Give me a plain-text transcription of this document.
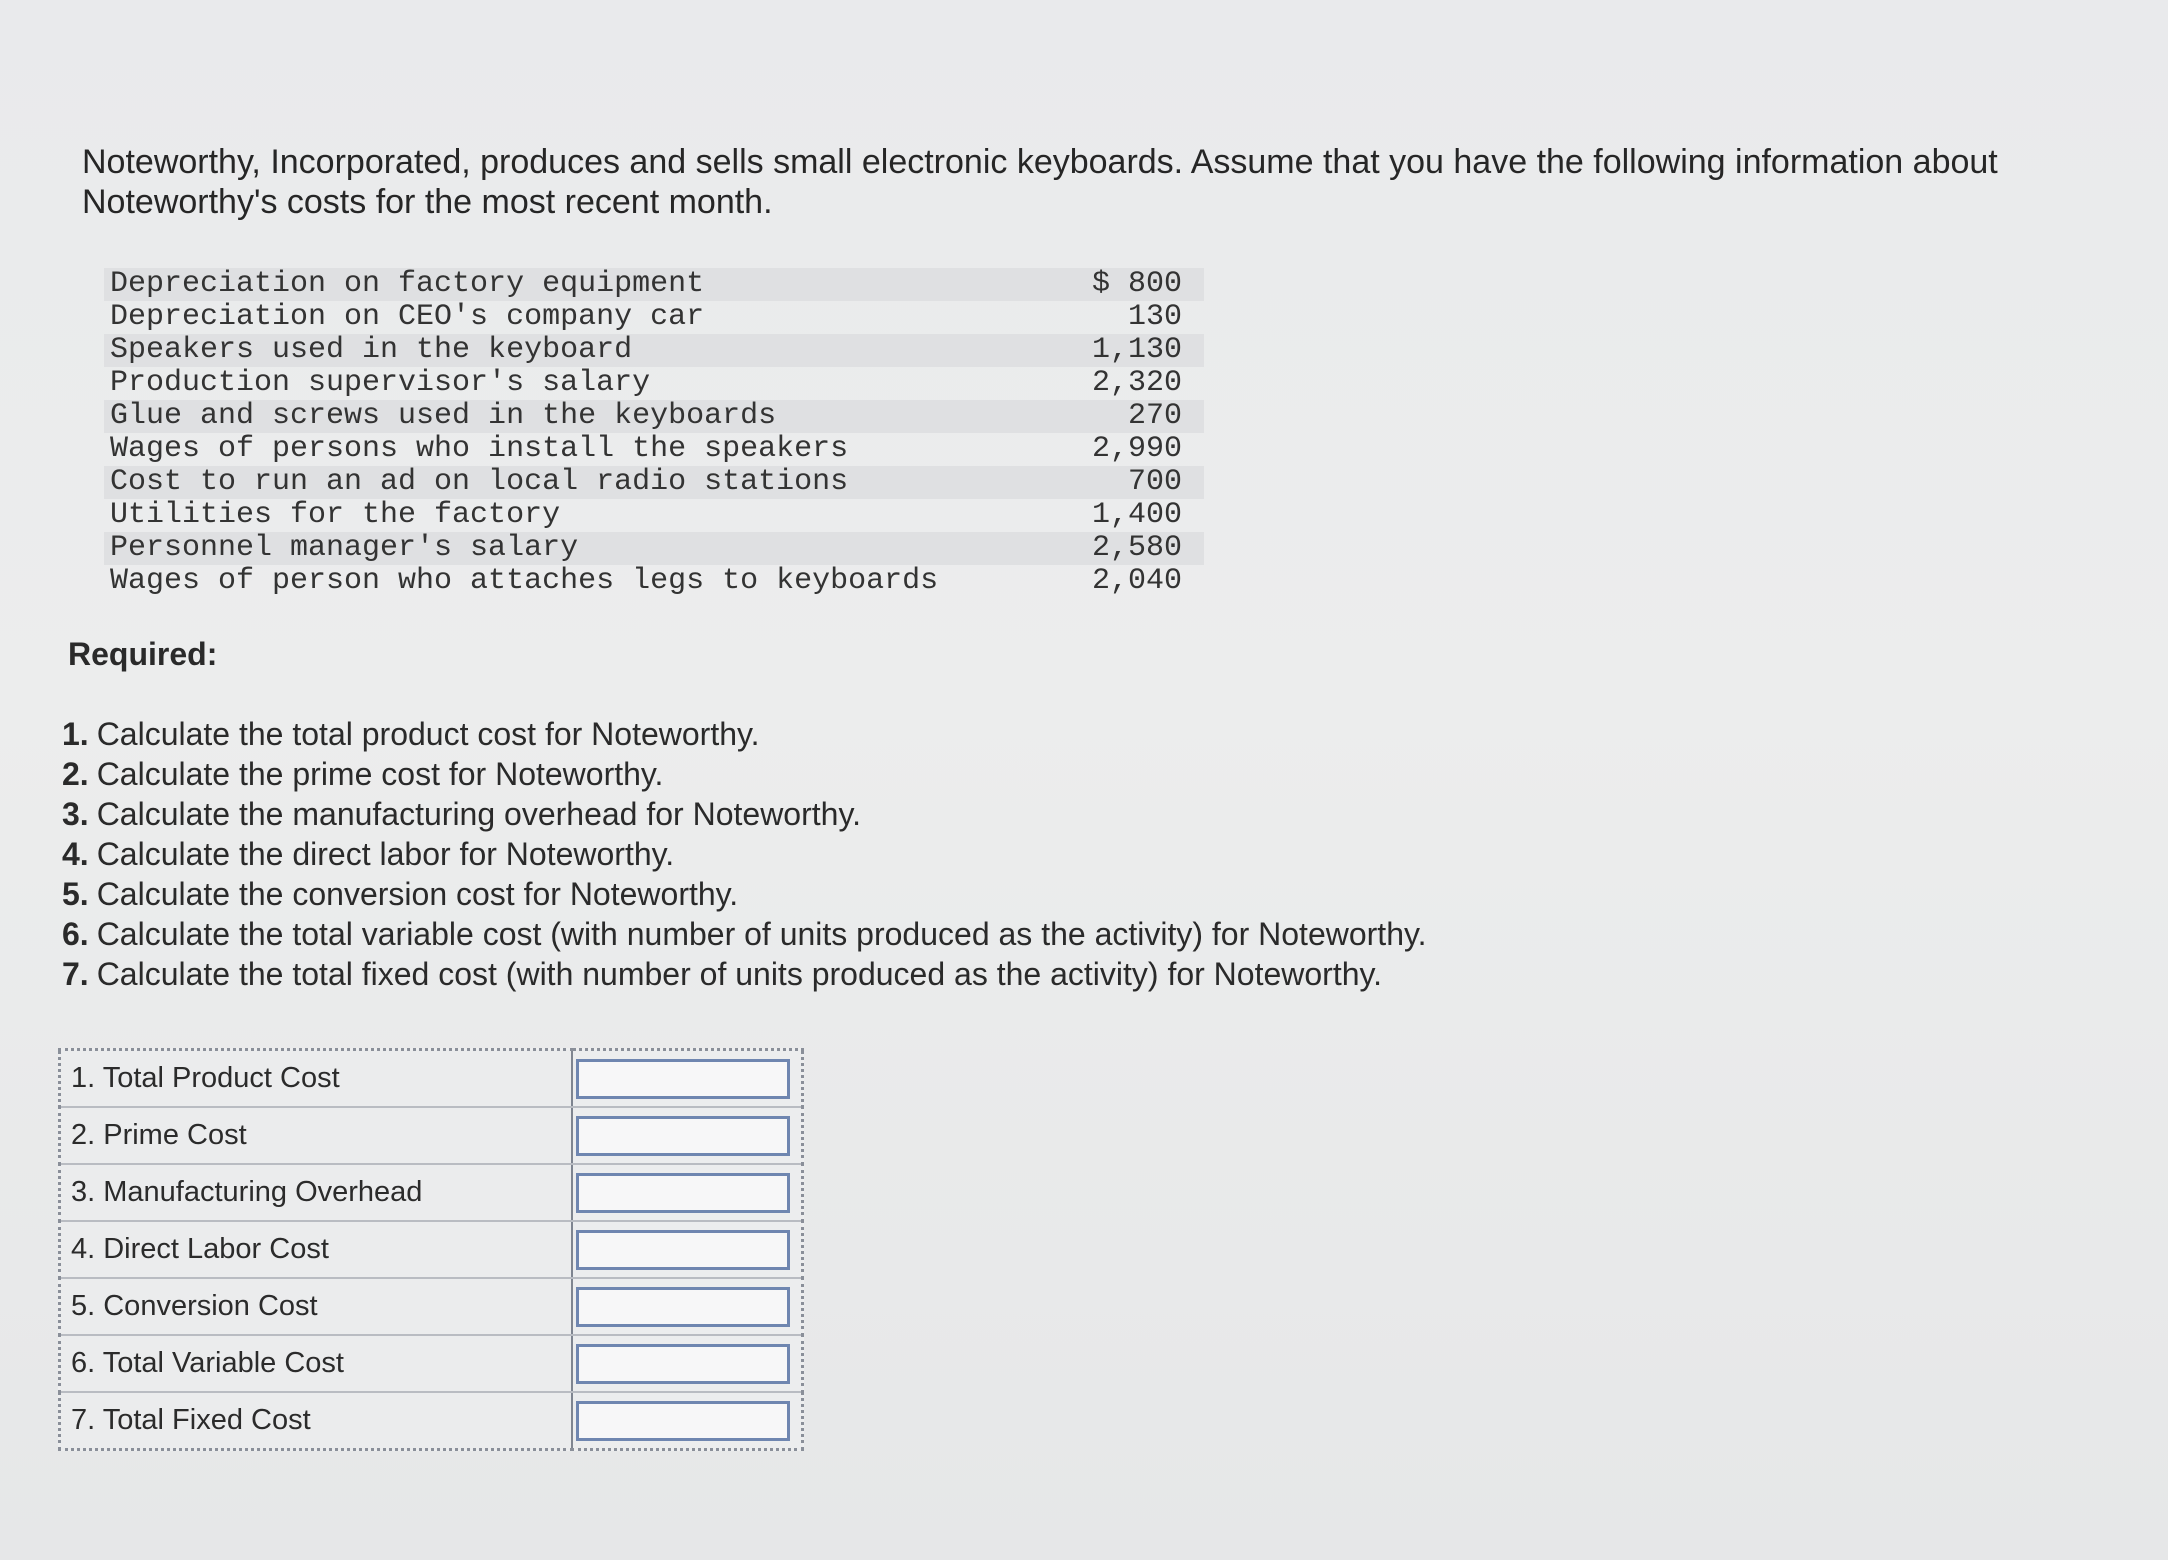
Noteworthy, Incorporated, produces and sells small electronic keyboards. Assume that you have the following information about Noteworthy's costs for the most recent month.

Depreciation on factory equipment	$ 800
Depreciation on CEO's company car	130
Speakers used in the keyboard	1,130
Production supervisor's salary	2,320
Glue and screws used in the keyboards	270
Wages of persons who install the speakers	2,990
Cost to run an ad on local radio stations	700
Utilities for the factory	1,400
Personnel manager's salary	2,580
Wages of person who attaches legs to keyboards	2,040
Required:
1. Calculate the total product cost for Noteworthy.
2. Calculate the prime cost for Noteworthy.
3. Calculate the manufacturing overhead for Noteworthy.
4. Calculate the direct labor for Noteworthy.
5. Calculate the conversion cost for Noteworthy.
6. Calculate the total variable cost (with number of units produced as the activity) for Noteworthy.
7. Calculate the total fixed cost (with number of units produced as the activity) for Noteworthy.
1. Total Product Cost	
2. Prime Cost	
3. Manufacturing Overhead	
4. Direct Labor Cost	
5. Conversion Cost	
6. Total Variable Cost	
7. Total Fixed Cost	
